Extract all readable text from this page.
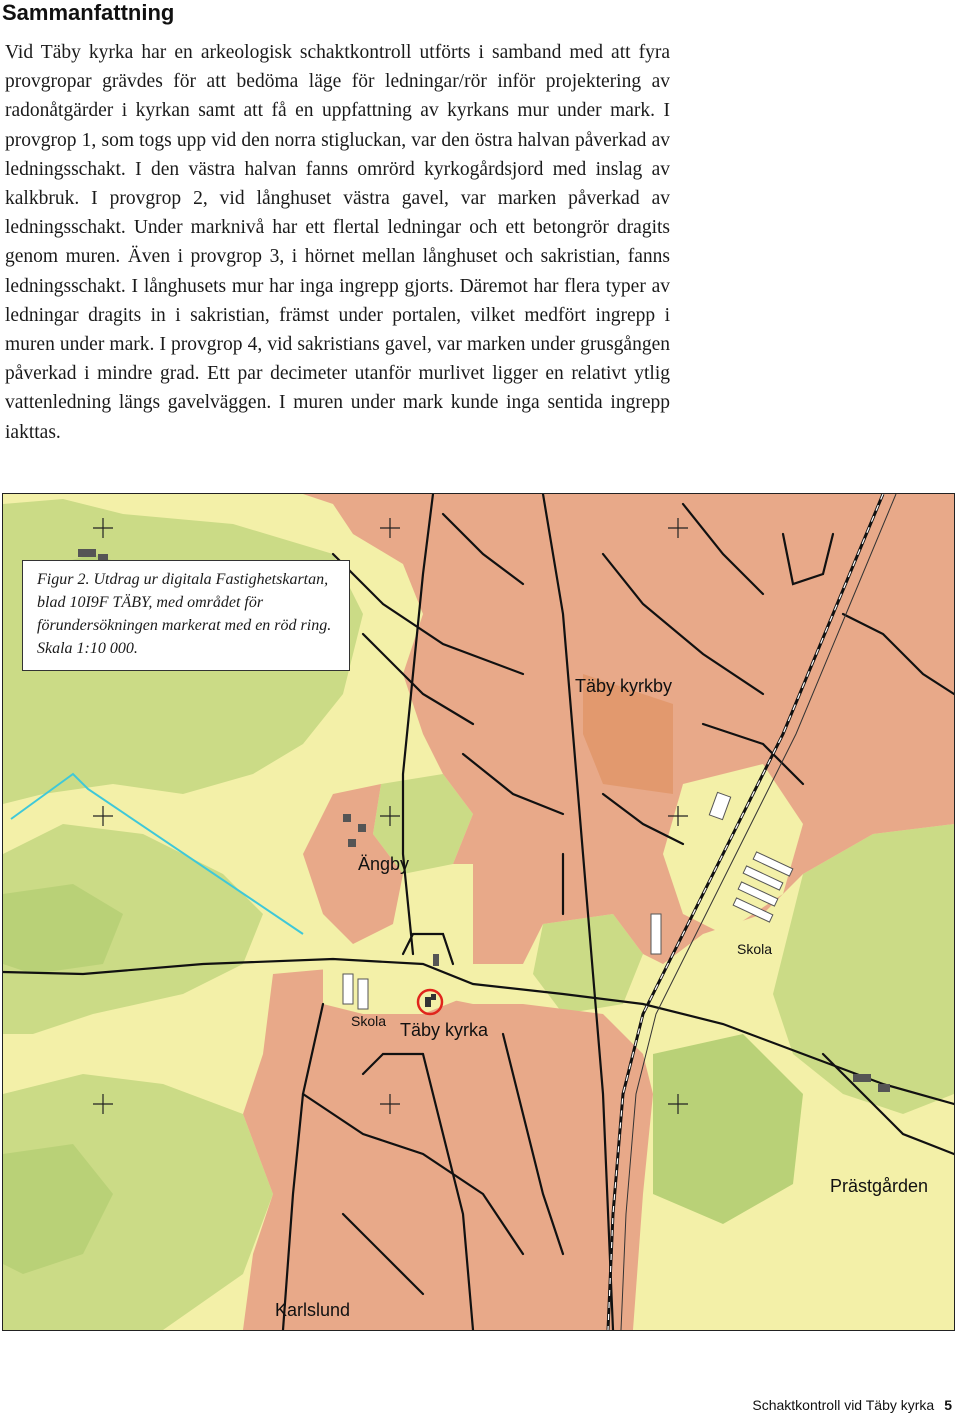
Sammanfattning

Vid Täby kyrka har en arkeologisk schaktkontroll utförts i samband med att fyra provgropar grävdes för att bedöma läge för ledningar/rör inför projektering av radonåtgärder i kyrkan samt att få en uppfattning av kyrkans mur under mark. I provgrop 1, som togs upp vid den norra stigluckan, var den östra halvan påverkad av ledningsschakt. I den västra halvan fanns omrörd kyrkogårdsjord med inslag av kalkbruk. I provgrop 2, vid långhuset västra gavel, var marken påverkad av ledningsschakt. Under marknivå har ett flertal ledningar och ett betongrör dragits genom muren. Även i provgrop 3, i hörnet mellan långhuset och sakristian, fanns ledningsschakt. I långhusets mur har inga ingrepp gjorts. Däremot har flera typer av ledningar dragits in i sakristian, främst under portalen, vilket medfört ingrepp i muren under mark. I provgrop 4, vid sakristians gavel, var marken under grusgången påverkad i mindre grad. Ett par decimeter utanför murlivet ligger en relativt ytlig vattenledning längs gavelväggen. I muren under mark kunde inga sentida ingrepp iakttas.

Täby kyrkby
Ängby
Skola
Skola Täby kyrka
Prästgården
Karlslund
Figur 2. Utdrag ur digitala Fastighetskartan, blad 10I9F TÄBY, med området för förundersökningen markerat med en röd ring. Skala 1:10 000.
Schaktkontroll vid Täby kyrka 5
